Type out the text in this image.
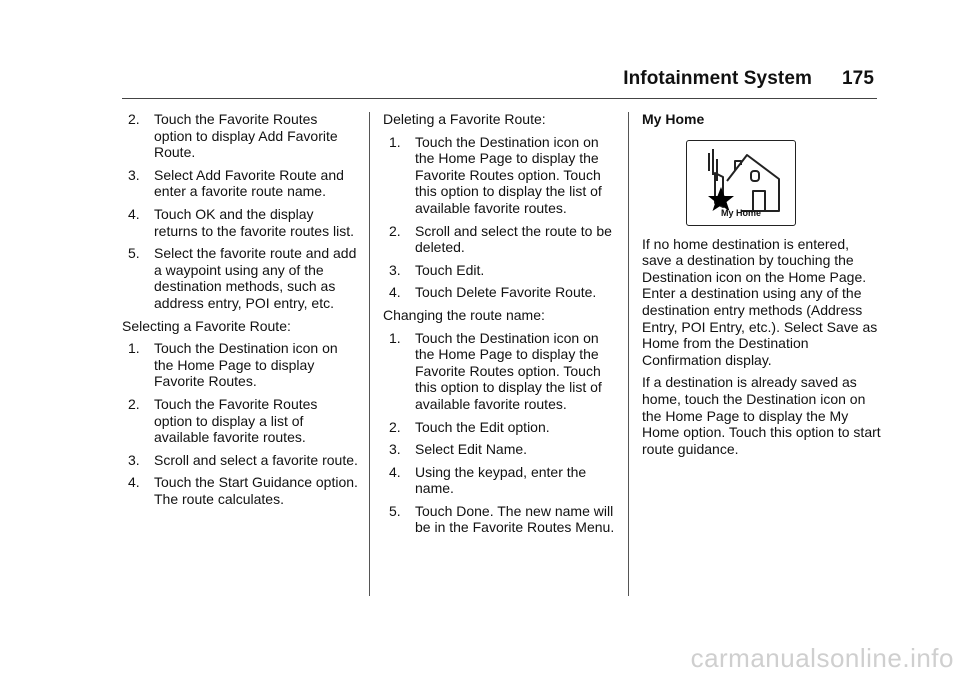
Infotainment System 175
2. Touch the Favorite Routes option to display Add Favorite Route.
3. Select Add Favorite Route and enter a favorite route name.
4. Touch OK and the display returns to the favorite routes list.
5. Select the favorite route and add a waypoint using any of the destination methods, such as address entry, POI entry, etc.

Selecting a Favorite Route:

1. Touch the Destination icon on the Home Page to display Favorite Routes.
2. Touch the Favorite Routes option to display a list of available favorite routes.
3. Scroll and select a favorite route.
4. Touch the Start Guidance option. The route calculates.

Deleting a Favorite Route:

1. Touch the Destination icon on the Home Page to display the Favorite Routes option. Touch this option to display the list of available favorite routes.
2. Scroll and select the route to be deleted.
3. Touch Edit.
4. Touch Delete Favorite Route.

Changing the route name:

1. Touch the Destination icon on the Home Page to display the Favorite Routes option. Touch this option to display the list of available favorite routes.
2. Touch the Edit option.
3. Select Edit Name.
4. Using the keypad, enter the name.
5. Touch Done. The new name will be in the Favorite Routes Menu.
My Home
My Home

If no home destination is entered, save a destination by touching the Destination icon on the Home Page. Enter a destination using any of the destination entry methods (Address Entry, POI Entry, etc.). Select Save as Home from the Destination Confirmation display.

If a destination is already saved as home, touch the Destination icon on the Home Page to display the My Home option. Touch this option to start route guidance.

carmanualsonline.info
